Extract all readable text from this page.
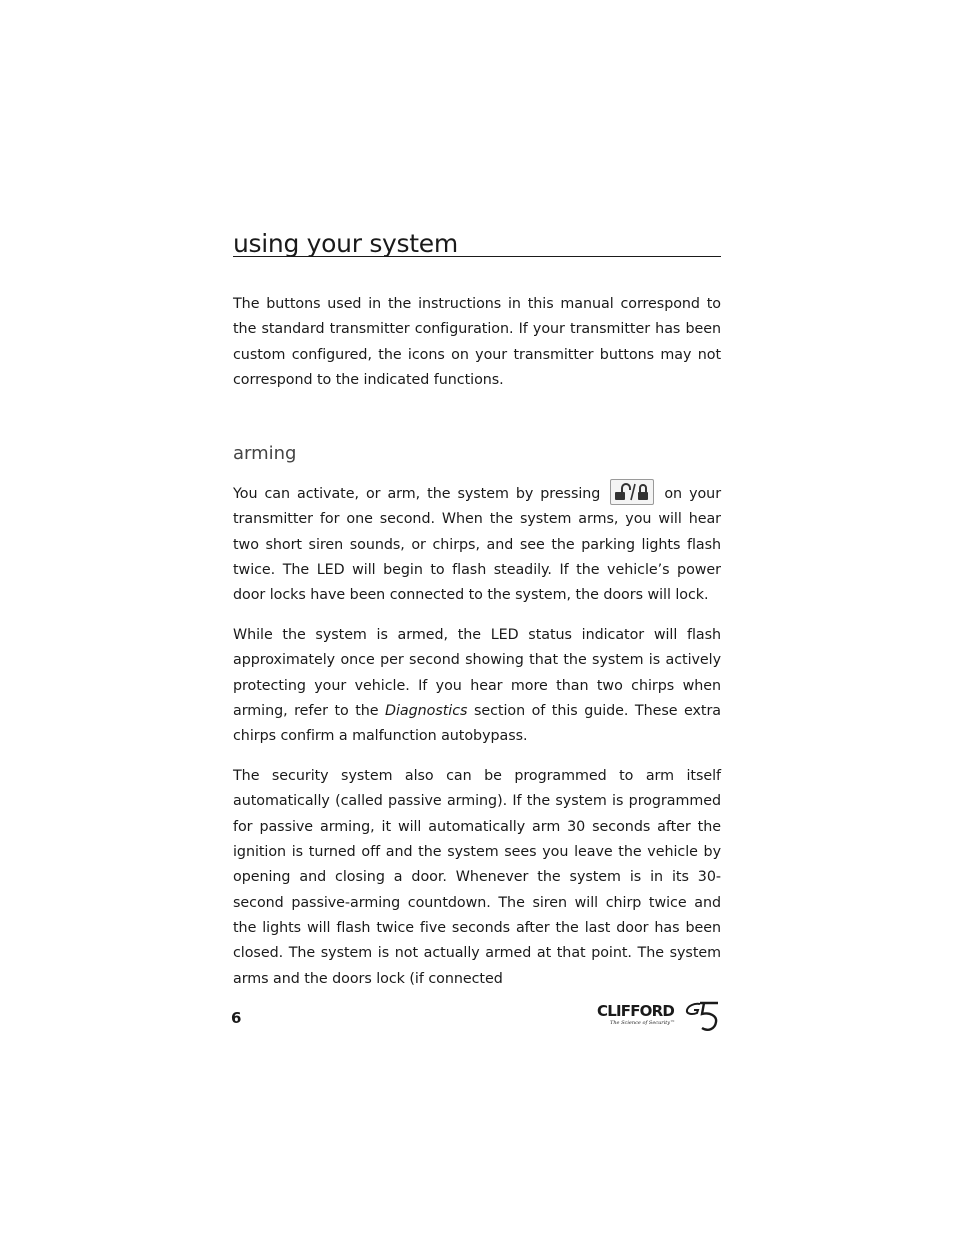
using your system

The buttons used in the instructions in this manual correspond to the standard transmitter configuration. If your transmitter has been custom configured, the icons on your transmitter buttons may not correspond to the indicated functions.

arming

You can activate, or arm, the system by pressing	on your transmitter for one second. When the system arms, you will hear two short siren sounds, or chirps, and see the parking lights flash twice. The LED will begin to flash steadily. If the vehicle’s power door locks have been connected to the system, the doors will lock.

While the system is armed, the LED status indicator will flash approximately once per second showing that the system is actively protecting your vehicle. If you hear more than two chirps when arming, refer to the Diagnostics section of this guide. These extra chirps confirm a malfunction autobypass.

The security system also can be programmed to arm itself automatically (called passive arming). If the system is programmed for passive arming, it will automatically arm 30 seconds after the ignition is turned off and the system sees you leave the vehicle by opening and closing a door. Whenever the system is in its 30-second passive-arming countdown. The siren will chirp twice and the lights will flash twice five seconds after the last door has been closed. The system is not actually armed at that point. The system arms and the doors lock (if connected

6	CLIFFORD
The Science of Security™
